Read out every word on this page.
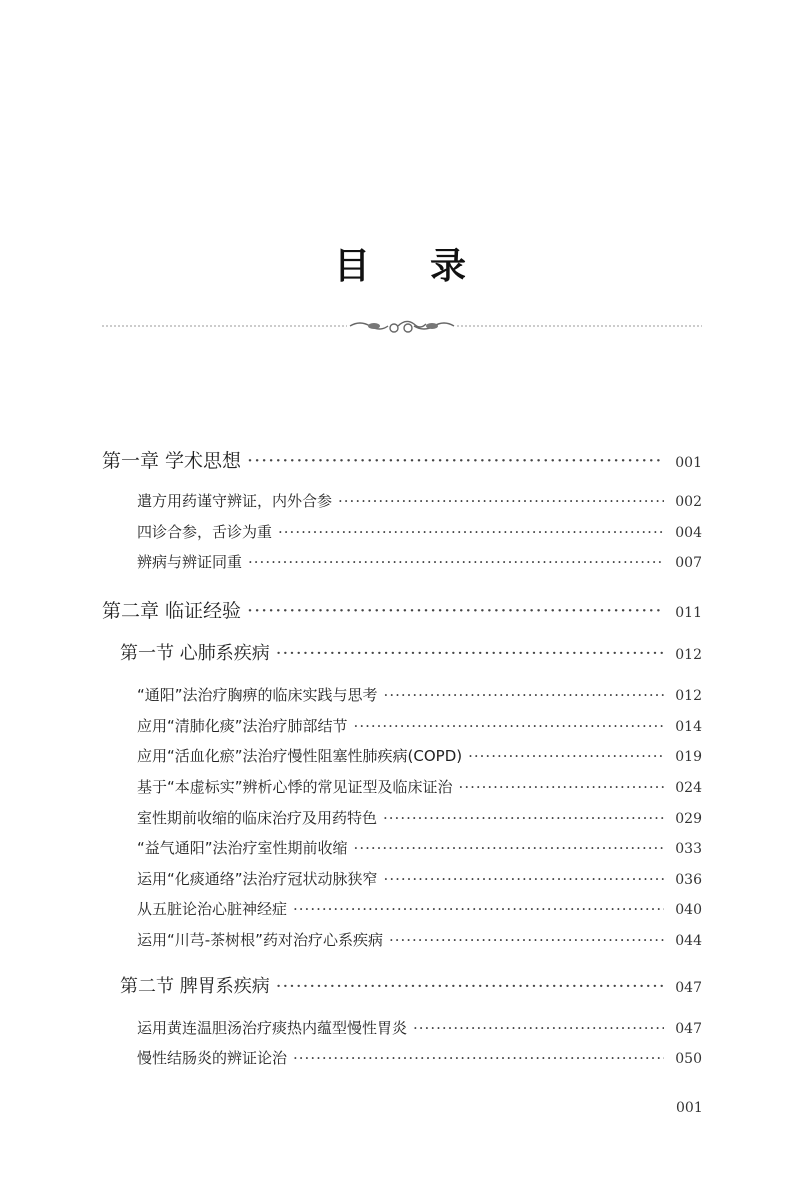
目录
第一章 学术思想 ·····	001
遣方用药谨守辨证，内外合参 ·····	002
四诊合参，舌诊为重 ·····	004
辨病与辨证同重 ·····	007
第二章 临证经验 ·····	011
第一节 心肺系疾病 ·····	012
“通阳”法治疗胸痹的临床实践与思考 ·····	012
应用“清肺化痰”法治疗肺部结节 ·····	014
应用“活血化瘀”法治疗慢性阻塞性肺疾病(COPD) ·····	019
基于“本虚标实”辨析心悸的常见证型及临床证治 ·····	024
室性期前收缩的临床治疗及用药特色 ·····	029
“益气通阳”法治疗室性期前收缩 ·····	033
运用“化痰通络”法治疗冠状动脉狭窄 ·····	036
从五脏论治心脏神经症 ·····	040
运用“川芎-茶树根”药对治疗心系疾病 ·····	044
第二节 脾胃系疾病 ·····	047
运用黄连温胆汤治疗痰热内蕴型慢性胃炎 ·····	047
慢性结肠炎的辨证论治 ·····	050
001
